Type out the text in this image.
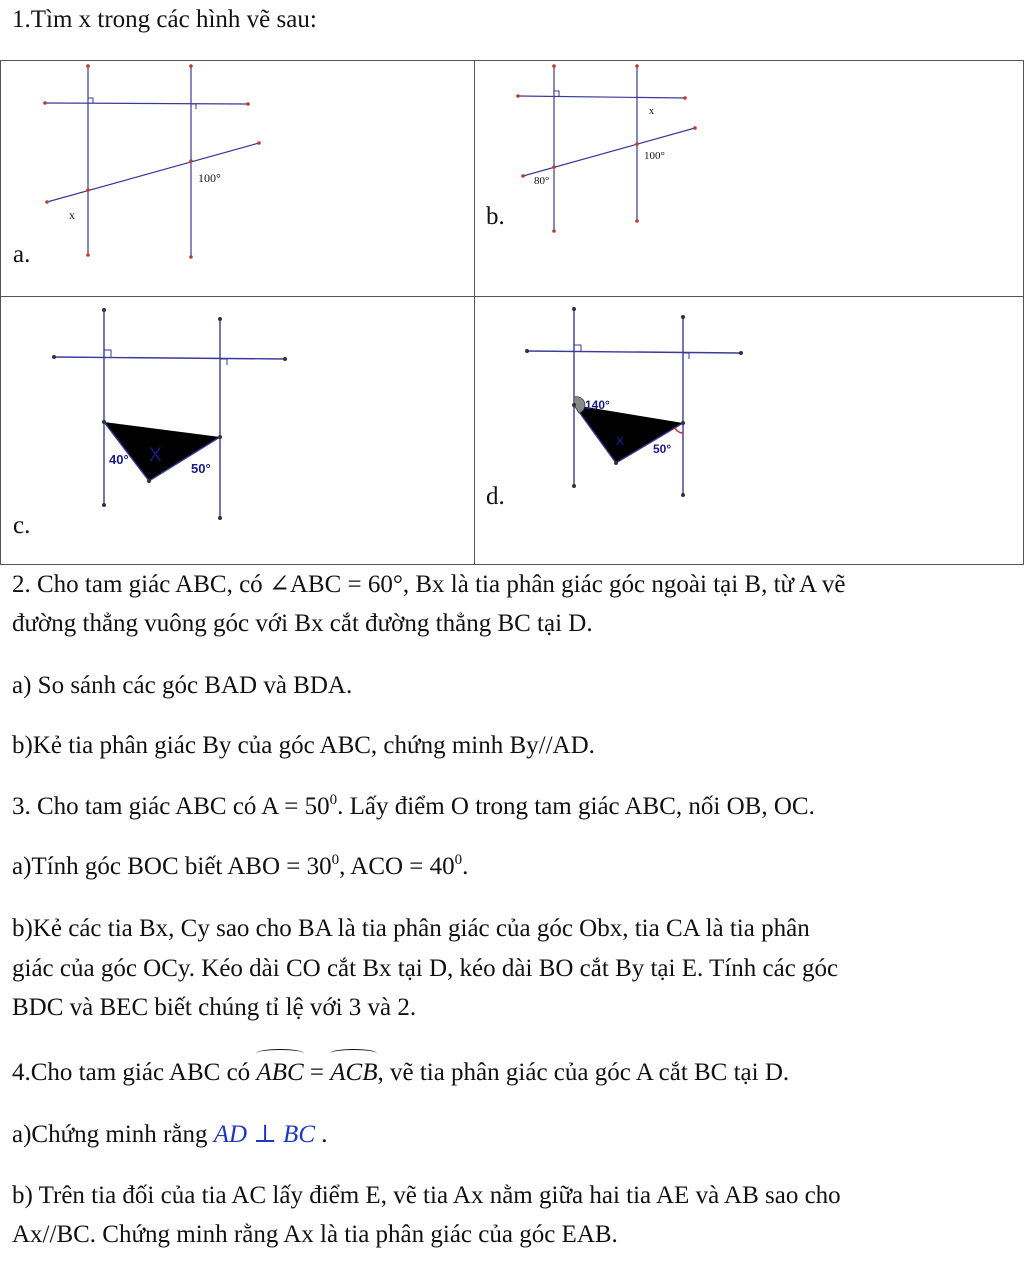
1.Tìm x trong các hình vẽ sau:

100°
x
a.
x
100°
80°
b.
40° X
50°
c.
140°
x 50°
d.

2. Cho tam giác ABC, có ∠ABC = 60°, Bx là tia phân giác góc ngoài tại B, từ A vẽ

đường thẳng vuông góc với Bx cắt đường thẳng BC tại D.

a) So sánh các góc BAD và BDA.

b)Kẻ tia phân giác By của góc ABC, chứng minh By//AD.

3. Cho tam giác ABC có $A = 50^0$. Lấy điểm O trong tam giác ABC, nối OB, OC.

a)Tính góc BOC biết ABO = $30^0$, ACO = $40^0$.

b)Kẻ các tia Bx, Cy sao cho BA là tia phân giác của góc Obx, tia CA là tia phân

giác của góc OCy. Kéo dài CO cắt Bx tại D, kéo dài BO cắt By tại E. Tính các góc

BDC và BEC biết chúng tỉ lệ với 3 và 2.

4.Cho tam giác ABC có ABC = ACB, vẽ tia phân giác của góc A cắt BC tại D.

a)Chứng minh rằng AD ⊥ BC .

b) Trên tia đối của tia AC lấy điểm E, vẽ tia Ax nằm giữa hai tia AE và AB sao cho

Ax//BC. Chứng minh rằng Ax là tia phân giác của góc EAB.
